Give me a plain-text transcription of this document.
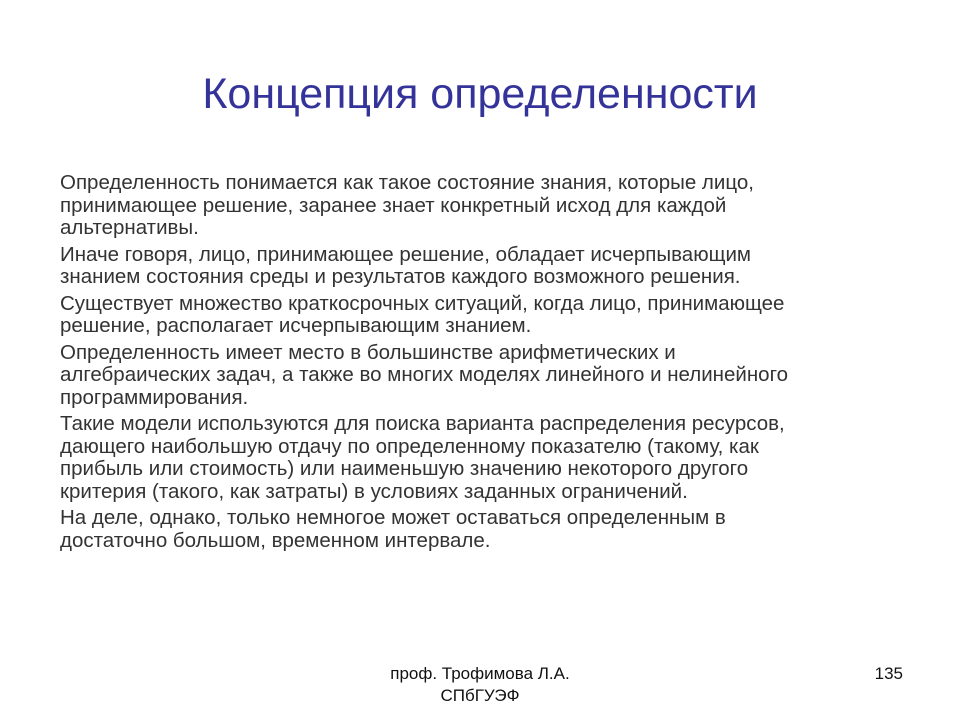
Концепция определенности
Определенность понимается как такое состояние знания, которые лицо,
принимающее решение, заранее знает конкретный исход для каждой
альтернативы.
Иначе говоря, лицо, принимающее решение, обладает исчерпывающим
знанием состояния среды и результатов каждого возможного решения.
Существует множество краткосрочных ситуаций, когда лицо, принимающее
решение, располагает исчерпывающим знанием.
Определенность имеет место в большинстве арифметических и
алгебраических задач, а также во многих моделях линейного и нелинейного
программирования.
Такие модели используются для поиска варианта распределения ресурсов,
дающего наибольшую отдачу по определенному показателю (такому, как
прибыль или стоимость) или наименьшую значению некоторого другого
критерия (такого, как затраты) в условиях заданных ограничений.
На деле, однако, только немногое может оставаться определенным в
достаточно большом, временном интервале.
проф. Трофимова Л.А.
СПбГУЭФ
135
